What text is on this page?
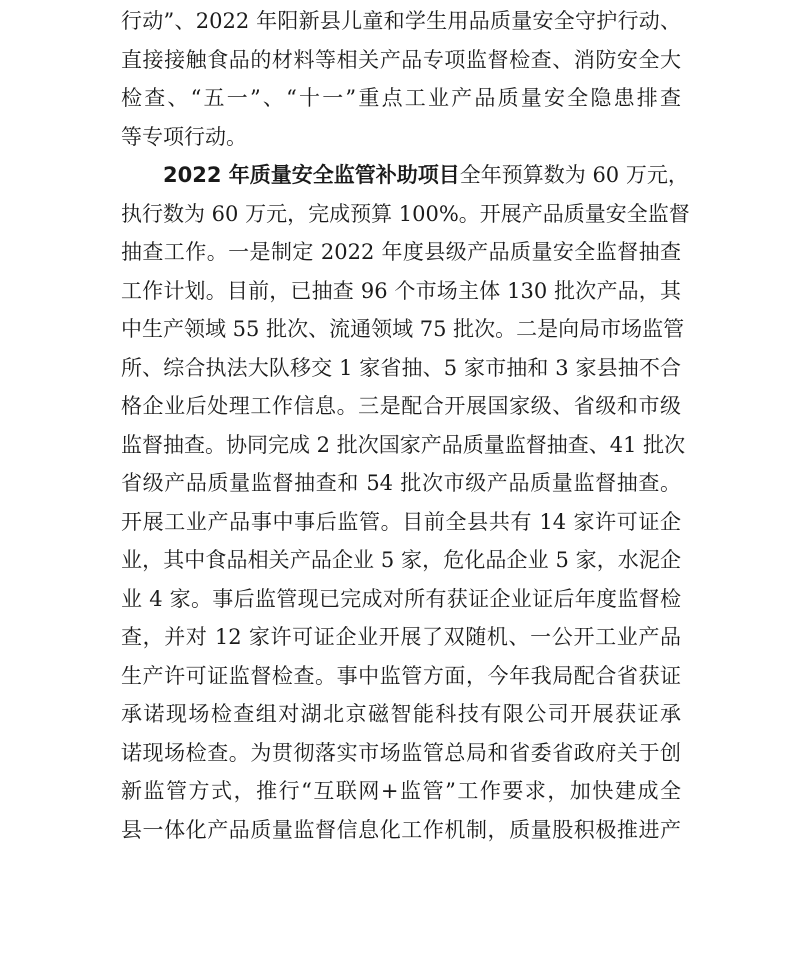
行动”、2022 年阳新县儿童和学生用品质量安全守护行动、
直接接触食品的材料等相关产品专项监督检查、消防安全大
检查、“五一”、“十一”重点工业产品质量安全隐患排查
等专项行动。
2022 年质量安全监管补助项目全年预算数为 60 万元，
执行数为 60 万元，完成预算 100%。开展产品质量安全监督
抽查工作。一是制定 2022 年度县级产品质量安全监督抽查
工作计划。目前，已抽查 96 个市场主体 130 批次产品，其
中生产领域 55 批次、流通领域 75 批次。二是向局市场监管
所、综合执法大队移交 1 家省抽、5 家市抽和 3 家县抽不合
格企业后处理工作信息。三是配合开展国家级、省级和市级
监督抽查。协同完成 2 批次国家产品质量监督抽查、41 批次
省级产品质量监督抽查和 54 批次市级产品质量监督抽查。
开展工业产品事中事后监管。目前全县共有 14 家许可证企
业，其中食品相关产品企业 5 家，危化品企业 5 家，水泥企
业 4 家。事后监管现已完成对所有获证企业证后年度监督检
查，并对 12 家许可证企业开展了双随机、一公开工业产品
生产许可证监督检查。事中监管方面，今年我局配合省获证
承诺现场检查组对湖北京磁智能科技有限公司开展获证承
诺现场检查。为贯彻落实市场监管总局和省委省政府关于创
新监管方式，推行“互联网+监管”工作要求，加快建成全
县一体化产品质量监督信息化工作机制，质量股积极推进产
